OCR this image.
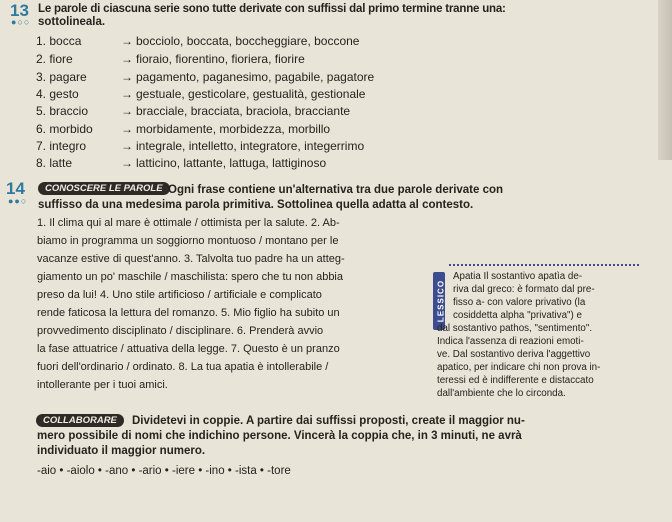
13
●○○
Le parole di ciascuna serie sono tutte derivate con suffissi dal primo termine tranne una:
sottolineala.
1. bocca	→ bocciolo, boccata, boccheggiare, boccone
2. fiore	→ fioraio, fiorentino, fioriera, fiorire
3. pagare	→ pagamento, paganesimo, pagabile, pagatore
4. gesto	→ gestuale, gesticolare, gestualità, gestionale
5. braccio	→ bracciale, bracciata, braciola, bracciante
6. morbido → morbidamente, morbidezza, morbillo
7. integro	→ integrale, intelletto, integratore, integerrimo
8. latte	→ latticino, lattante, lattuga, lattiginoso
14
●●○
CONOSCERE LE PAROLE Ogni frase contiene un'alternativa tra due parole derivate con
suffisso da una medesima parola primitiva. Sottolinea quella adatta al contesto.
1. Il clima qui al mare è ottimale / ottimista per la salute. 2. Ab-
biamo in programma un soggiorno montuoso / montano per le
vacanze estive di quest'anno. 3. Talvolta tuo padre ha un atteg-
giamento un po' maschile / maschilista: spero che tu non abbia
preso da lui! 4. Uno stile artificioso / artificiale e complicato
rende faticosa la lettura del romanzo. 5. Mio figlio ha subito un
provvedimento disciplinato / disciplinare. 6. Prenderà avvio
la fase attuatrice / attuativa della legge. 7. Questo è un pranzo
fuori dell'ordinario / ordinato. 8. La tua apatia è intollerabile /
intollerante per i tuoi amici.
LESSICO
Apatia Il sostantivo apatìa de-
riva dal greco: è formato dal pre-
fisso a- con valore privativo (la
cosiddetta alpha "privativa") e
dal sostantivo pathos, "sentimento".
Indica l'assenza di reazioni emoti-
ve. Dal sostantivo deriva l'aggettivo
apatico, per indicare chi non prova in-
teressi ed è indifferente e distaccato
dall'ambiente che lo circonda.
COLLABORARE	Dividetevi in coppie. A partire dai suffissi proposti, create il maggior nu-
mero possibile di nomi che indichino persone. Vincerà la coppia che, in 3 minuti, ne avrà
individuato il maggior numero.
-aio • -aiolo • -ano • -ario • -iere • -ino • -ista • -tore
